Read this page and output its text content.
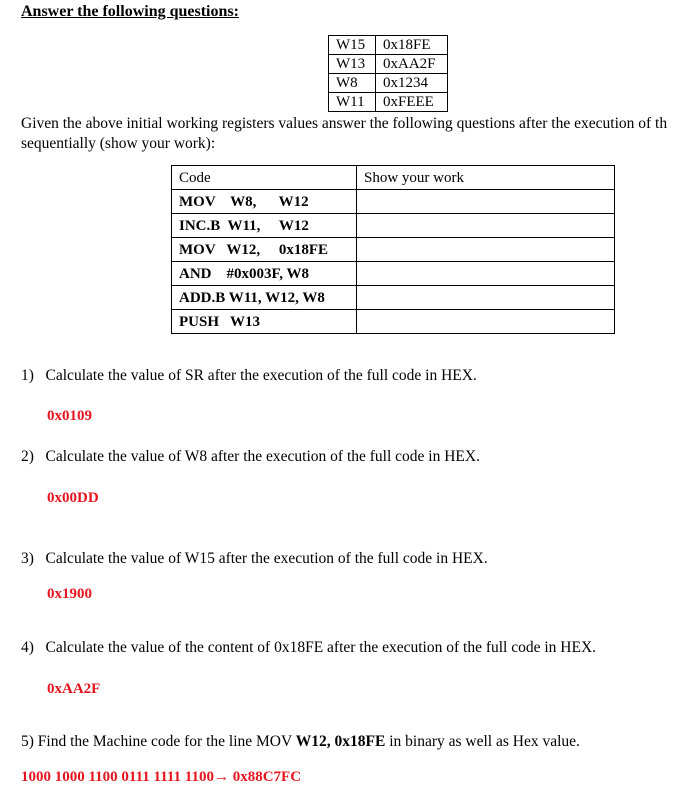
Answer the following questions:
W15	0x18FE
W13	0xAA2F
W8	0x1234
W11	0xFEEE
Given the above initial working registers values answer the following questions after the execution of th
sequentially (show your work):
Code	Show your work
MOV    W8,      W12	
INC.B  W11,     W12	
MOV   W12,     0x18FE	
AND    #0x003F, W8	
ADD.B W11, W12, W8	
PUSH   W13	
1)   Calculate the value of SR after the execution of the full code in HEX.
0x0109
2)   Calculate the value of W8 after the execution of the full code in HEX.
0x00DD
3)   Calculate the value of W15 after the execution of the full code in HEX.
0x1900
4)   Calculate the value of the content of 0x18FE after the execution of the full code in HEX.
0xAA2F
5) Find the Machine code for the line MOV W12, 0x18FE in binary as well as Hex value.
1000 1000 1100 0111 1111 1100→ 0x88C7FC
